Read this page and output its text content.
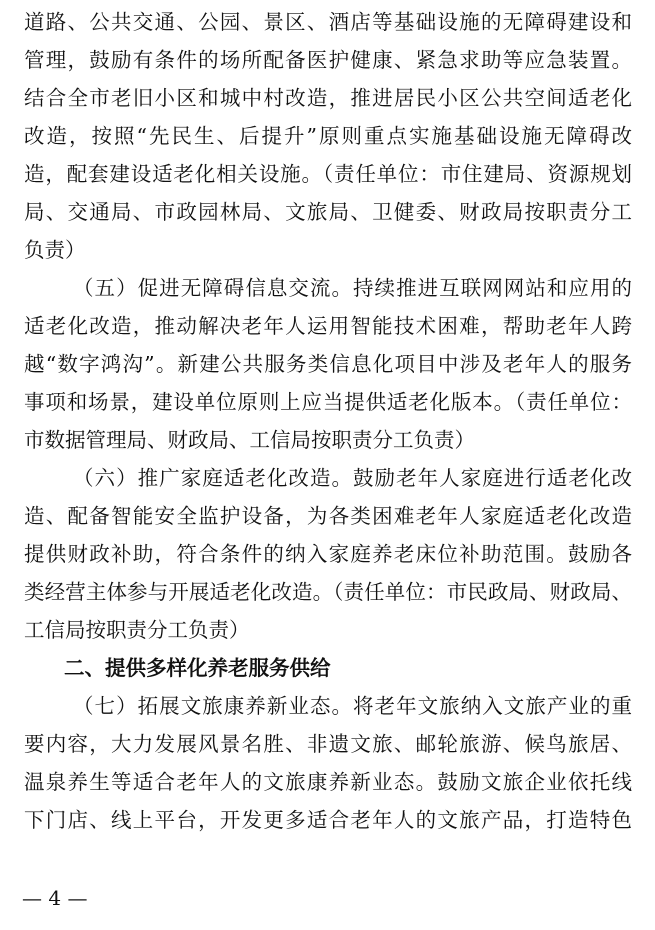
道路、公共交通、公园、景区、酒店等基础设施的无障碍建设和
管理，鼓励有条件的场所配备医护健康、紧急求助等应急装置。
结合全市老旧小区和城中村改造，推进居民小区公共空间适老化
改造，按照“先民生、后提升”原则重点实施基础设施无障碍改
造，配套建设适老化相关设施。（责任单位：市住建局、资源规划
局、交通局、市政园林局、文旅局、卫健委、财政局按职责分工
负责）
（五）促进无障碍信息交流。持续推进互联网网站和应用的
适老化改造，推动解决老年人运用智能技术困难，帮助老年人跨
越“数字鸿沟”。新建公共服务类信息化项目中涉及老年人的服务
事项和场景，建设单位原则上应当提供适老化版本。（责任单位：
市数据管理局、财政局、工信局按职责分工负责）
（六）推广家庭适老化改造。鼓励老年人家庭进行适老化改
造、配备智能安全监护设备，为各类困难老年人家庭适老化改造
提供财政补助，符合条件的纳入家庭养老床位补助范围。鼓励各
类经营主体参与开展适老化改造。（责任单位：市民政局、财政局、
工信局按职责分工负责）
二、提供多样化养老服务供给
（七）拓展文旅康养新业态。将老年文旅纳入文旅产业的重
要内容，大力发展风景名胜、非遗文旅、邮轮旅游、候鸟旅居、
温泉养生等适合老年人的文旅康养新业态。鼓励文旅企业依托线
下门店、线上平台，开发更多适合老年人的文旅产品，打造特色
— 4 —
